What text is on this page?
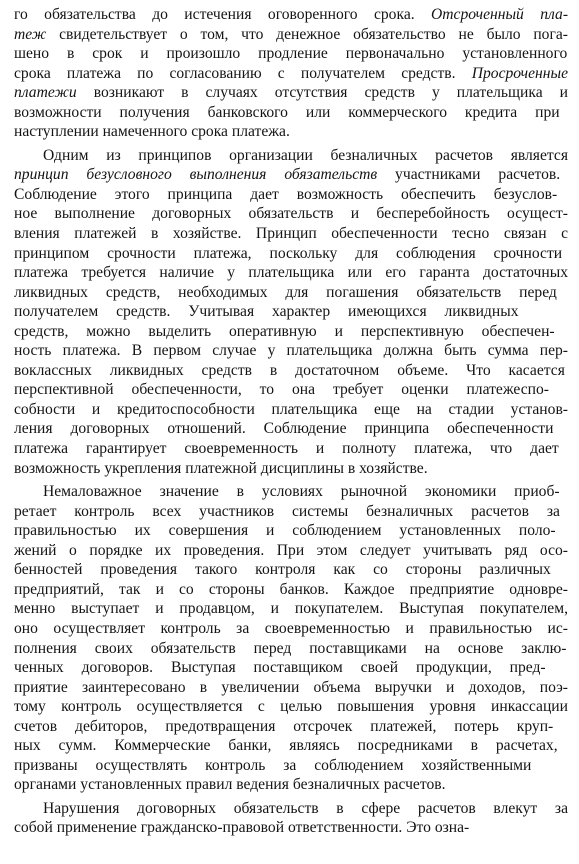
го обязательства до истечения оговоренного срока. Отсроченный пла-
теж свидетельствует о том, что денежное обязательство не было пога-
шено в срок и произошло продление первоначально установленного
срока платежа по согласованию с получателем средств. Просроченные
платежи возникают в случаях отсутствия средств у плательщика и
возможности получения банковского или коммерческого кредита при
наступлении намеченного срока платежа.

Одним из принципов организации безналичных расчетов является
принцип безусловного выполнения обязательств участниками расчетов.
Соблюдение этого принципа дает возможность обеспечить безуслов-
ное выполнение договорных обязательств и бесперебойность осущест-
вления платежей в хозяйстве. Принцип обеспеченности тесно связан с
принципом срочности платежа, поскольку для соблюдения срочности
платежа требуется наличие у плательщика или его гаранта достаточных
ликвидных средств, необходимых для погашения обязательств перед
получателем средств. Учитывая характер имеющихся ликвидных
средств, можно выделить оперативную и перспективную обеспечен-
ность платежа. В первом случае у плательщика должна быть сумма пер-
воклассных ликвидных средств в достаточном объеме. Что касается
перспективной обеспеченности, то она требует оценки платежеспо-
собности и кредитоспособности плательщика еще на стадии установ-
ления договорных отношений. Соблюдение принципа обеспеченности
платежа гарантирует своевременность и полноту платежа, что дает
возможность укрепления платежной дисциплины в хозяйстве.

Немаловажное значение в условиях рыночной экономики приоб-
ретает контроль всех участников системы безналичных расчетов за
правильностью их совершения и соблюдением установленных поло-
жений о порядке их проведения. При этом следует учитывать ряд осо-
бенностей проведения такого контроля как со стороны различных
предприятий, так и со стороны банков. Каждое предприятие одновре-
менно выступает и продавцом, и покупателем. Выступая покупателем,
оно осуществляет контроль за своевременностью и правильностью ис-
полнения своих обязательств перед поставщиками на основе заклю-
ченных договоров. Выступая поставщиком своей продукции, пред-
приятие заинтересовано в увеличении объема выручки и доходов, поэ-
тому контроль осуществляется с целью повышения уровня инкассации
счетов дебиторов, предотвращения отсрочек платежей, потерь круп-
ных сумм. Коммерческие банки, являясь посредниками в расчетах,
призваны осуществлять контроль за соблюдением хозяйственными
органами установленных правил ведения безналичных расчетов.

Нарушения договорных обязательств в сфере расчетов влекут за
собой применение гражданско-правовой ответственности. Это озна-
